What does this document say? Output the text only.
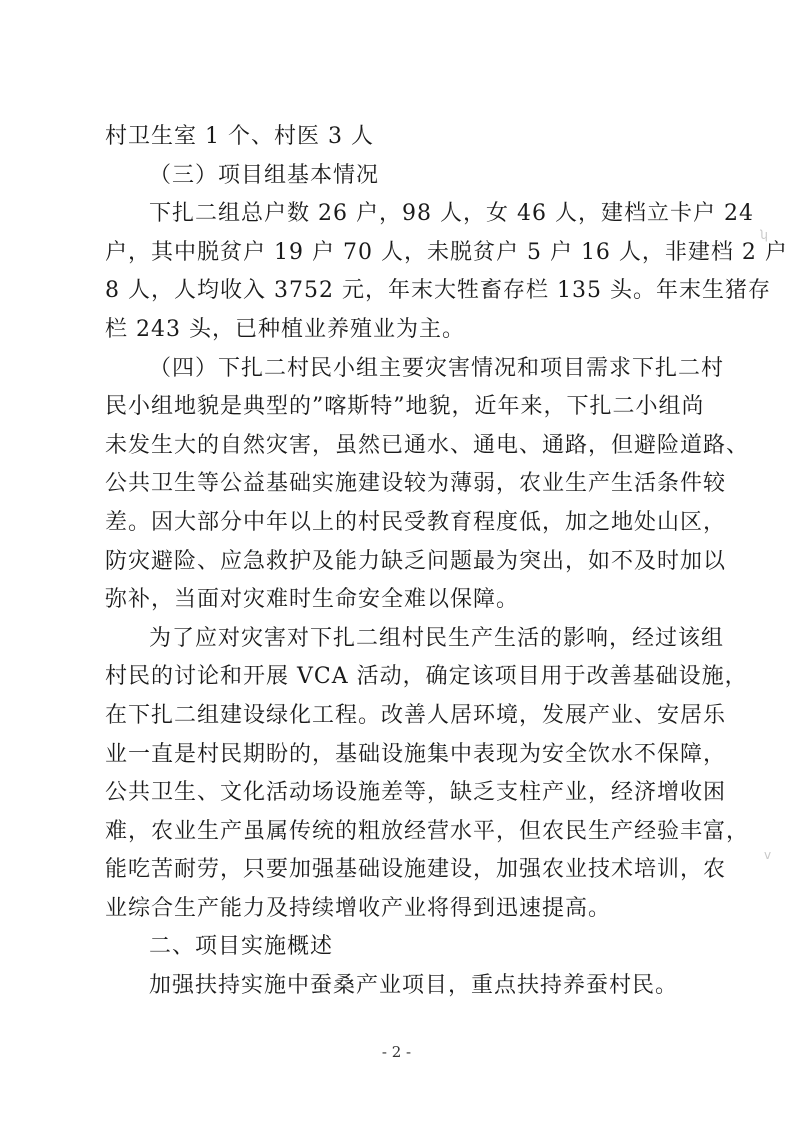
村卫生室 1 个、村医 3 人
（三）项目组基本情况
下扎二组总户数 26 户，98 人，女 46 人，建档立卡户 24
户，其中脱贫户 19 户 70 人，未脱贫户 5 户 16 人，非建档 2 户
8 人，人均收入 3752 元，年末大牲畜存栏 135 头。年末生猪存
栏 243 头，已种植业养殖业为主。
（四）下扎二村民小组主要灾害情况和项目需求下扎二村
民小组地貌是典型的”喀斯特”地貌，近年来，下扎二小组尚
未发生大的自然灾害，虽然已通水、通电、通路，但避险道路、
公共卫生等公益基础实施建设较为薄弱，农业生产生活条件较
差。因大部分中年以上的村民受教育程度低，加之地处山区，
防灾避险、应急救护及能力缺乏问题最为突出，如不及时加以
弥补，当面对灾难时生命安全难以保障。
为了应对灾害对下扎二组村民生产生活的影响，经过该组
村民的讨论和开展 VCA 活动，确定该项目用于改善基础设施，
在下扎二组建设绿化工程。改善人居环境，发展产业、安居乐
业一直是村民期盼的，基础设施集中表现为安全饮水不保障，
公共卫生、文化活动场设施差等，缺乏支柱产业，经济增收困
难，农业生产虽属传统的粗放经营水平，但农民生产经验丰富，
能吃苦耐劳，只要加强基础设施建设，加强农业技术培训，农
业综合生产能力及持续增收产业将得到迅速提高。
二、项目实施概述
加强扶持实施中蚕桑产业项目，重点扶持养蚕村民。
- 2 -
ʮ
v
